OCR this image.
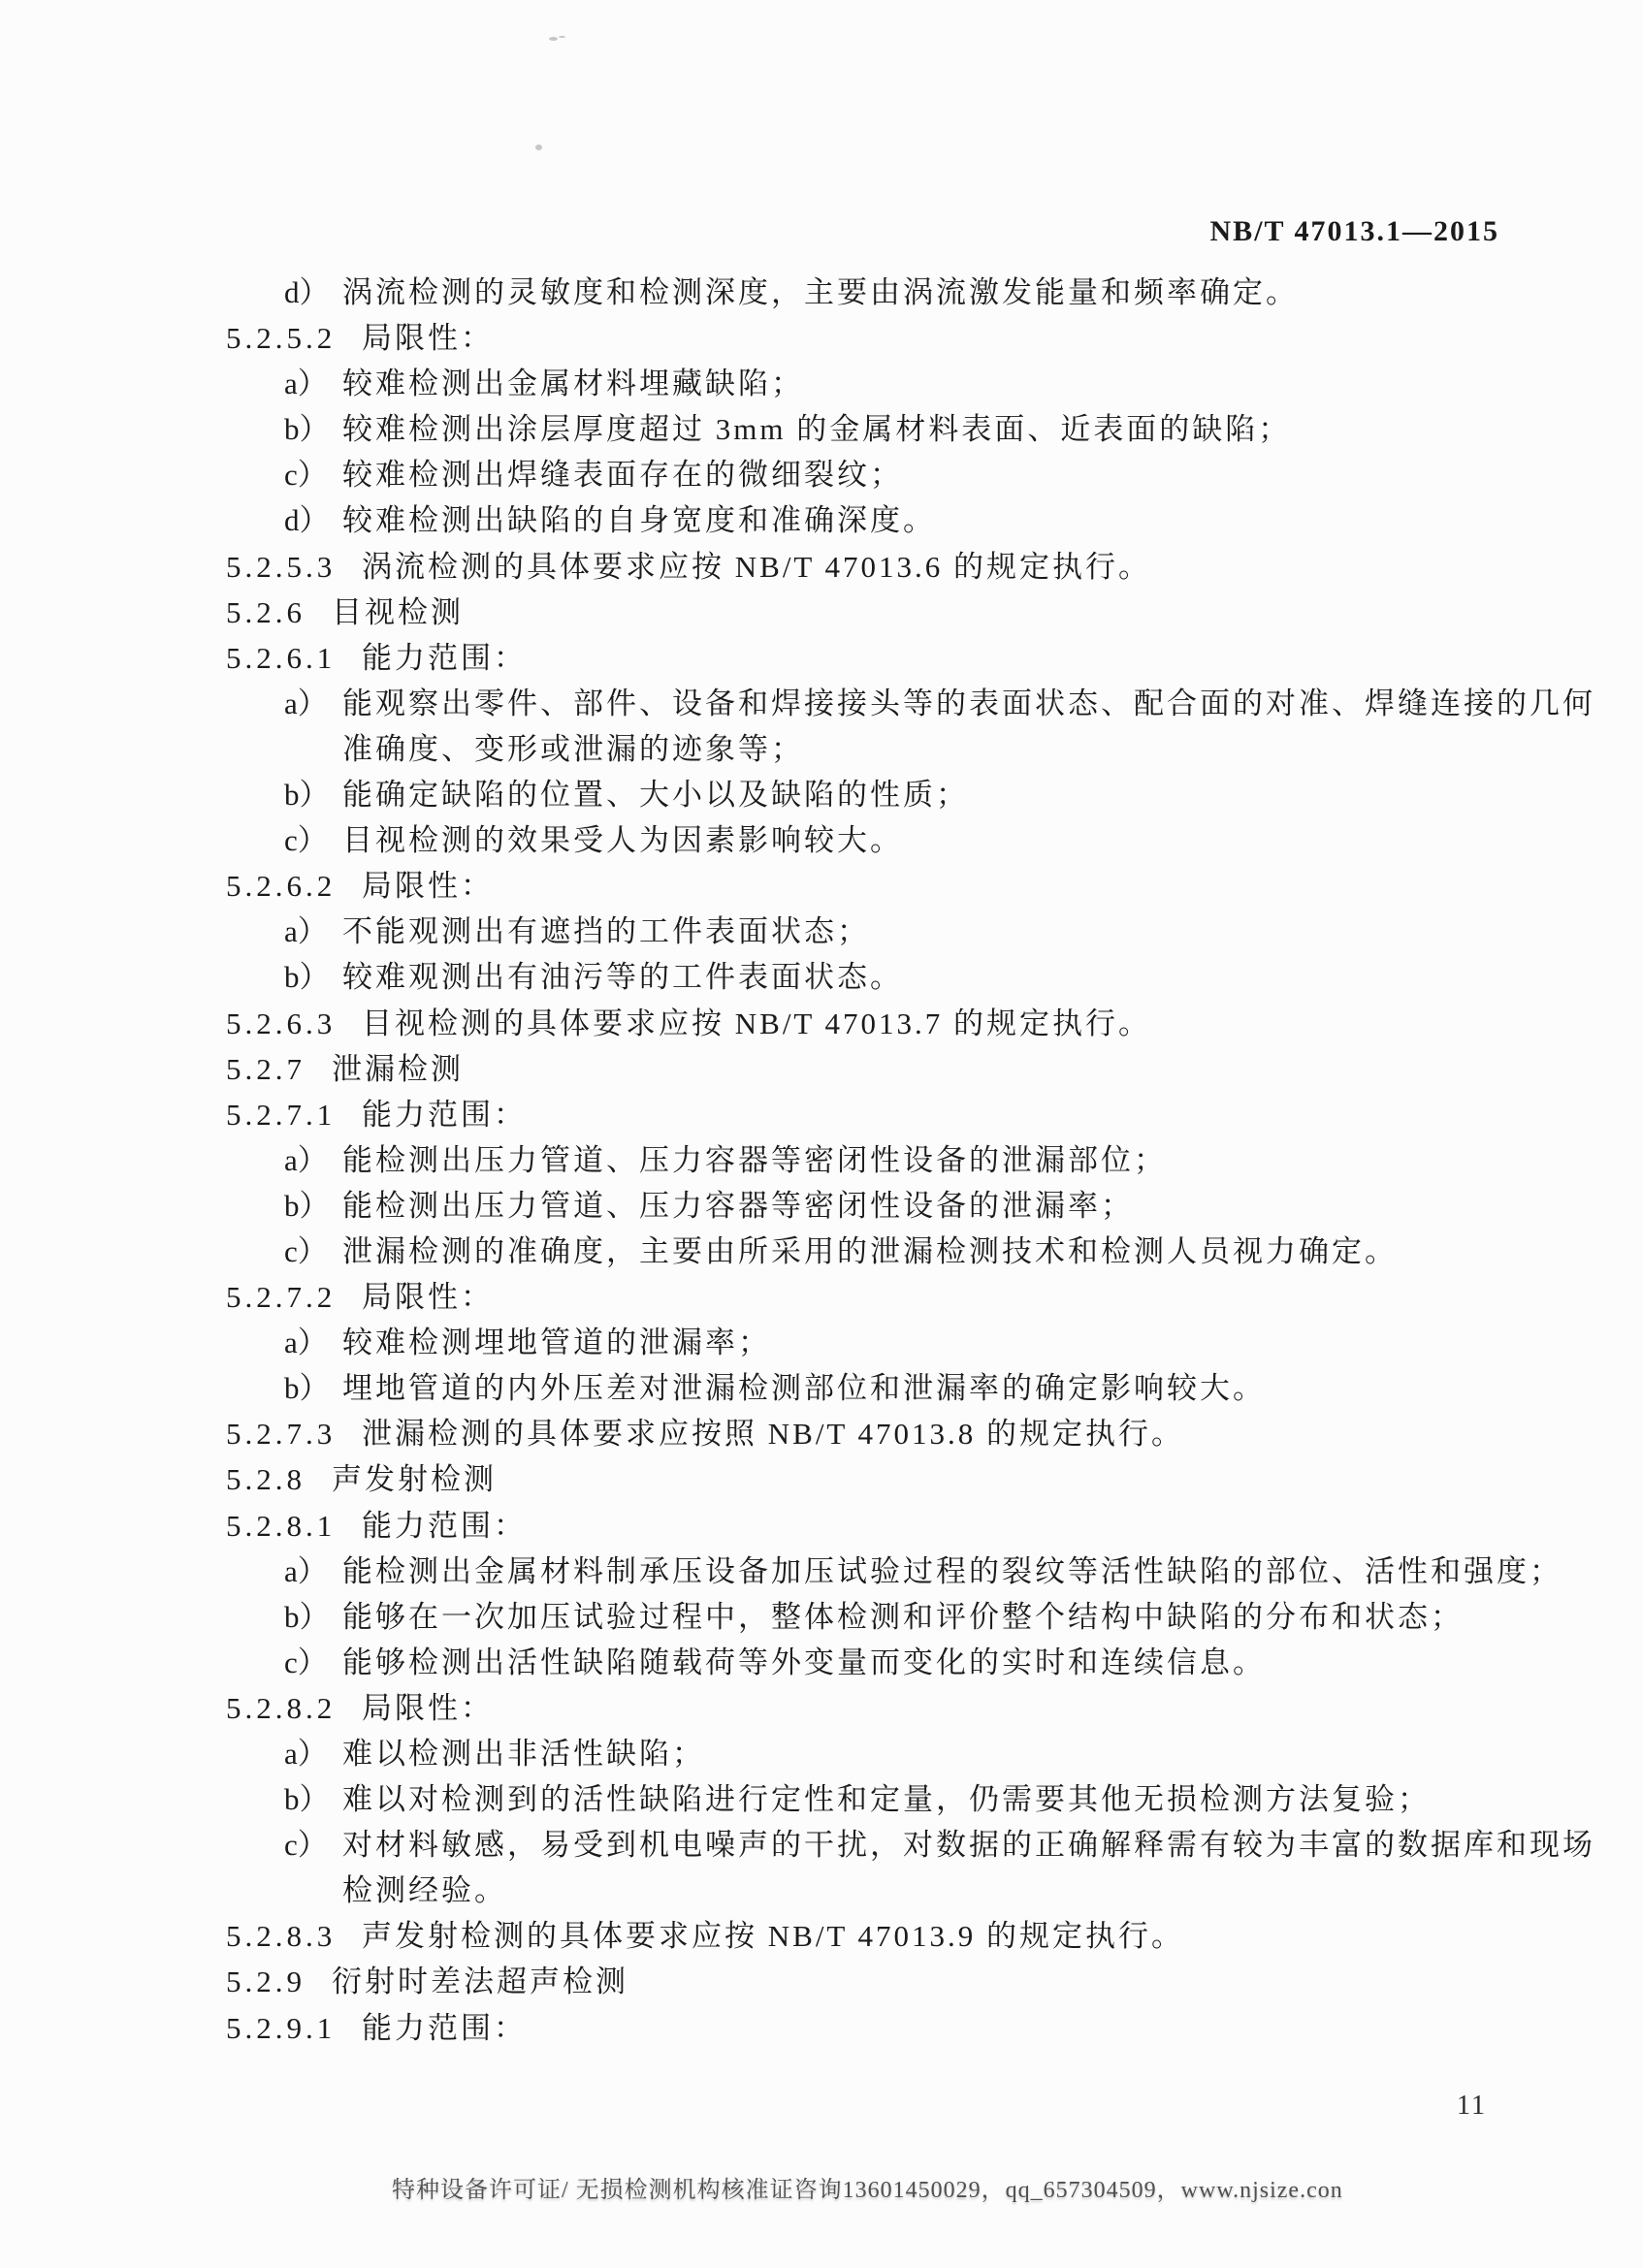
NB/T 47013.1—2015
d） 涡流检测的灵敏度和检测深度，主要由涡流激发能量和频率确定。
5.2.5.2 局限性：
a） 较难检测出金属材料埋藏缺陷；
b） 较难检测出涂层厚度超过 3mm 的金属材料表面、近表面的缺陷；
c） 较难检测出焊缝表面存在的微细裂纹；
d） 较难检测出缺陷的自身宽度和准确深度。
5.2.5.3 涡流检测的具体要求应按 NB/T 47013.6 的规定执行。
5.2.6 目视检测
5.2.6.1 能力范围：
a） 能观察出零件、部件、设备和焊接接头等的表面状态、配合面的对准、焊缝连接的几何
准确度、变形或泄漏的迹象等；
b） 能确定缺陷的位置、大小以及缺陷的性质；
c） 目视检测的效果受人为因素影响较大。
5.2.6.2 局限性：
a） 不能观测出有遮挡的工件表面状态；
b） 较难观测出有油污等的工件表面状态。
5.2.6.3 目视检测的具体要求应按 NB/T 47013.7 的规定执行。
5.2.7 泄漏检测
5.2.7.1 能力范围：
a） 能检测出压力管道、压力容器等密闭性设备的泄漏部位；
b） 能检测出压力管道、压力容器等密闭性设备的泄漏率；
c） 泄漏检测的准确度，主要由所采用的泄漏检测技术和检测人员视力确定。
5.2.7.2 局限性：
a） 较难检测埋地管道的泄漏率；
b） 埋地管道的内外压差对泄漏检测部位和泄漏率的确定影响较大。
5.2.7.3 泄漏检测的具体要求应按照 NB/T 47013.8 的规定执行。
5.2.8 声发射检测
5.2.8.1 能力范围：
a） 能检测出金属材料制承压设备加压试验过程的裂纹等活性缺陷的部位、活性和强度；
b） 能够在一次加压试验过程中，整体检测和评价整个结构中缺陷的分布和状态；
c） 能够检测出活性缺陷随载荷等外变量而变化的实时和连续信息。
5.2.8.2 局限性：
a） 难以检测出非活性缺陷；
b） 难以对检测到的活性缺陷进行定性和定量，仍需要其他无损检测方法复验；
c） 对材料敏感，易受到机电噪声的干扰，对数据的正确解释需有较为丰富的数据库和现场
检测经验。
5.2.8.3 声发射检测的具体要求应按 NB/T 47013.9 的规定执行。
5.2.9 衍射时差法超声检测
5.2.9.1 能力范围：
11
特种设备许可证/ 无损检测机构核准证咨询13601450029，qq_657304509，www.njsize.con
